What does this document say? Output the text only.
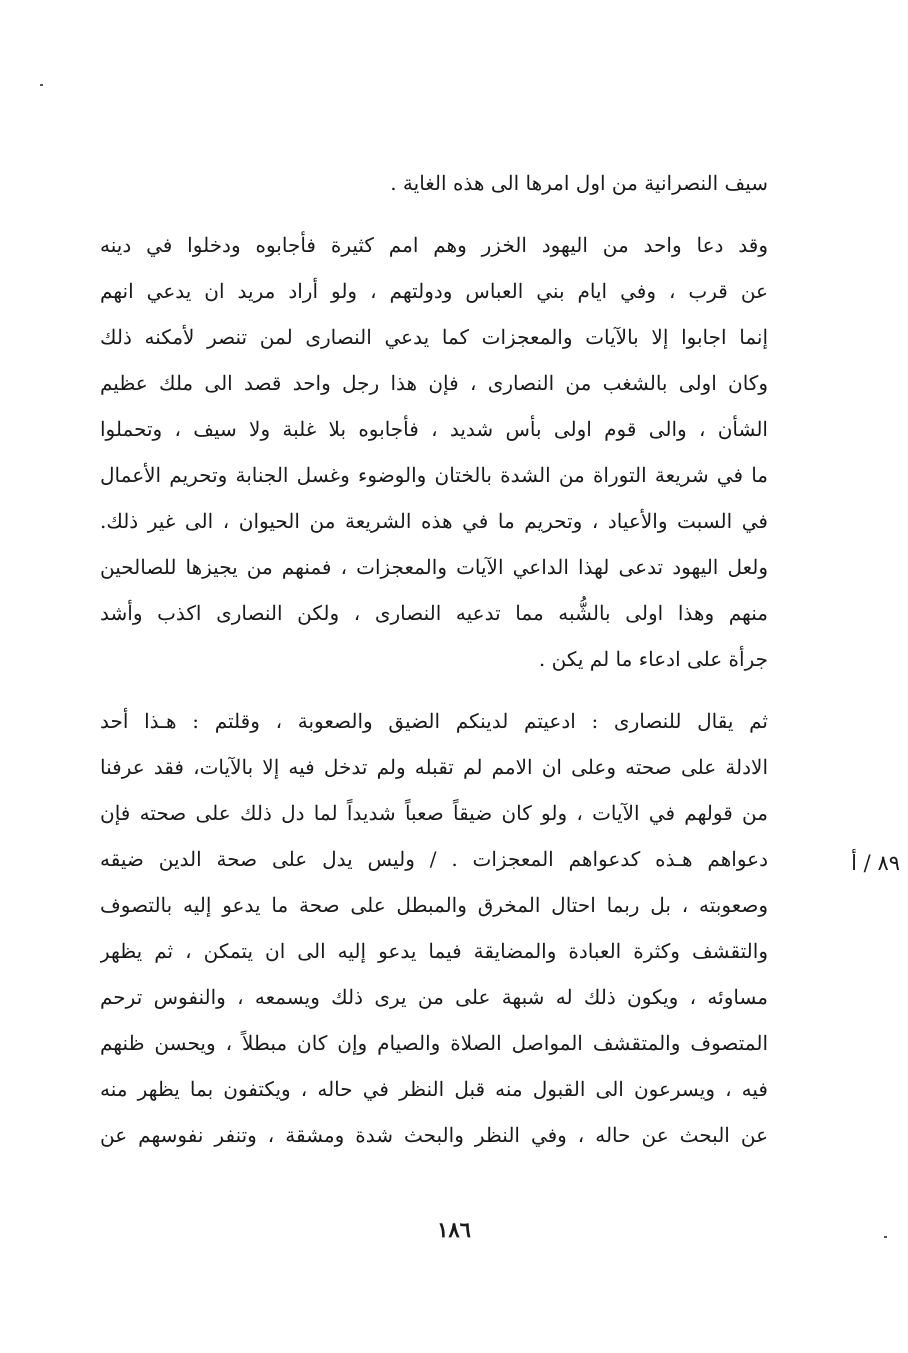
سيف النصرانية من اول امرها الى هذه الغاية .
وقد دعا واحد من اليهود الخزر وهم امم كثيرة فأجابوه ودخلوا في دينه
عن قرب ، وفي ايام بني العباس ودولتهم ، ولو أراد مريد ان يدعي انهم
إنما اجابوا إلا بالآيات والمعجزات كما يدعي النصارى لمن تنصر لأمكنه ذلك
وكان اولى بالشغب من النصارى ، فإن هذا رجل واحد قصد الى ملك عظيم
الشأن ، والى قوم اولى بأس شديد ، فأجابوه بلا غلبة ولا سيف ، وتحملوا
ما في شريعة التوراة من الشدة بالختان والوضوء وغسل الجنابة وتحريم الأعمال
في السبت والأعياد ، وتحريم ما في هذه الشريعة من الحيوان ، الى غير ذلك.
ولعل اليهود تدعى لهذا الداعي الآيات والمعجزات ، فمنهم من يجيزها للصالحين
منهم وهذا اولى بالشُّبه مما تدعيه النصارى ، ولكن النصارى اكذب وأشد
جرأة على ادعاء ما لم يكن .
ثم يقال للنصارى : ادعيتم لدينكم الضيق والصعوبة ، وقلتم : هـذا أحد
الادلة على صحته وعلى ان الامم لم تقبله ولم تدخل فيه إلا بالآيات، فقد عرفنا
من قولهم في الآيات ، ولو كان ضيقاً صعباً شديداً لما دل ذلك على صحته فإن
دعواهم هـذه كدعواهم المعجزات . / وليس يدل على صحة الدين ضيقه
وصعوبته ، بل ربما احتال المخرق والمبطل على صحة ما يدعو إليه بالتصوف
والتقشف وكثرة العبادة والمضايقة فيما يدعو إليه الى ان يتمكن ، ثم يظهر
مساوئه ، ويكون ذلك له شبهة على من يرى ذلك ويسمعه ، والنفوس ترحم
المتصوف والمتقشف المواصل الصلاة والصيام وإن كان مبطلاً ، ويحسن ظنهم
فيه ، ويسرعون الى القبول منه قبل النظر في حاله ، ويكتفون بما يظهر منه
عن البحث عن حاله ، وفي النظر والبحث شدة ومشقة ، وتنفر نفوسهم عن
٨٩ / أ
١٨٦
